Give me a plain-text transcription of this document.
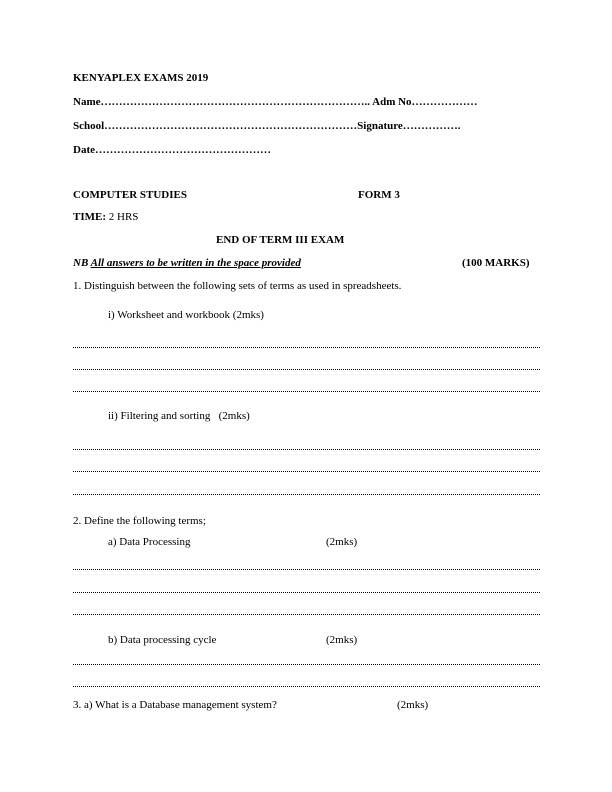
KENYAPLEX EXAMS 2019
Name……………………………………………………………….. Adm No………………
School……………………………………………………………Signature…………….
Date…………………………………………
COMPUTER STUDIES	FORM 3
TIME: 2 HRS
END OF TERM III EXAM
NB All answers to be written in the space provided	(100 MARKS)
1. Distinguish between the following sets of terms as used in spreadsheets.
i) Worksheet and workbook (2mks)
ii) Filtering and sorting (2mks)
2. Define the following terms;
a) Data Processing	(2mks)
b) Data processing cycle	(2mks)
3. a) What is a Database management system?	(2mks)
